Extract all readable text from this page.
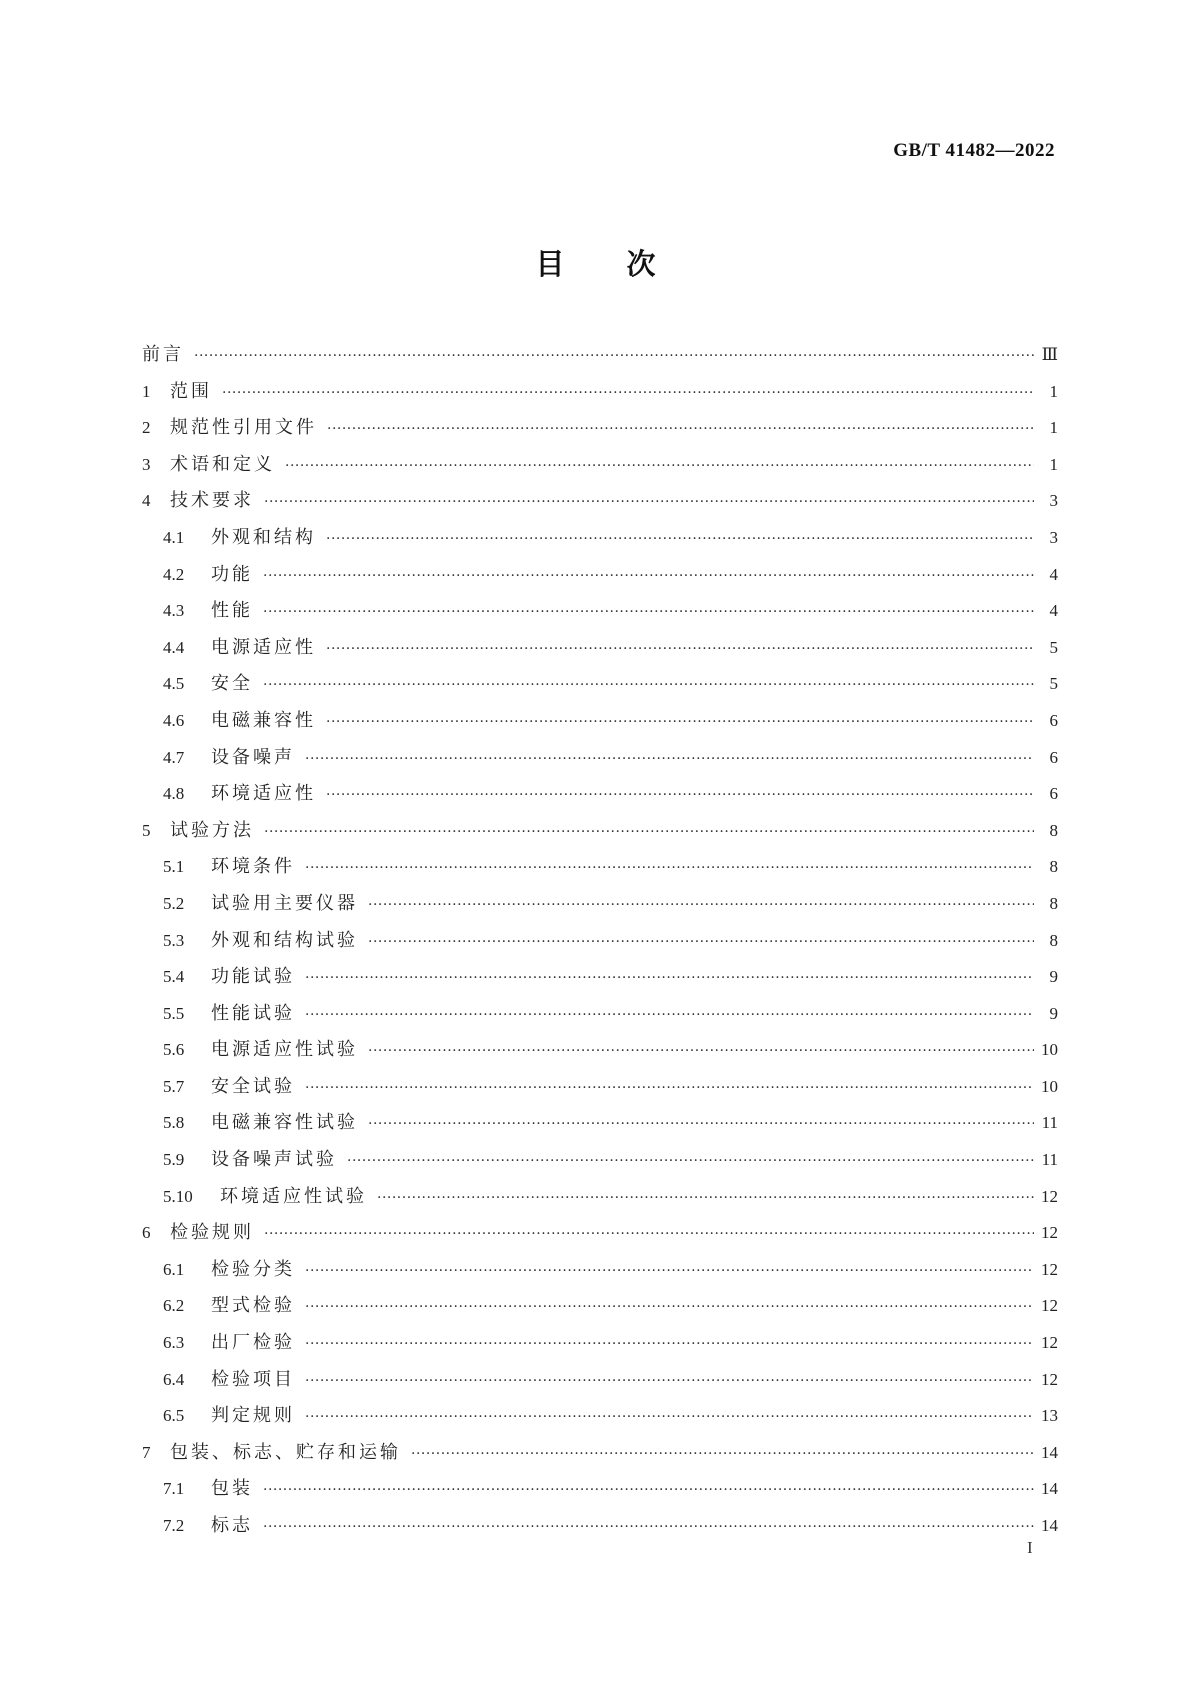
GB/T 41482—2022
目次
前言 ·····	Ⅲ
1	范围 ·····	1
2	规范性引用文件 ·····	1
3	术语和定义 ·····	1
4	技术要求 ·····	3
4.1	外观和结构 ·····	3
4.2	功能 ·····	4
4.3	性能 ·····	4
4.4	电源适应性 ·····	5
4.5	安全 ·····	5
4.6	电磁兼容性 ·····	6
4.7	设备噪声 ·····	6
4.8	环境适应性 ·····	6
5	试验方法 ·····	8
5.1	环境条件 ·····	8
5.2	试验用主要仪器 ·····	8
5.3	外观和结构试验 ·····	8
5.4	功能试验 ·····	9
5.5	性能试验 ·····	9
5.6	电源适应性试验 ·····	10
5.7	安全试验 ·····	10
5.8	电磁兼容性试验 ·····	11
5.9	设备噪声试验 ·····	11
5.10	环境适应性试验 ·····	12
6	检验规则 ·····	12
6.1	检验分类 ·····	12
6.2	型式检验 ·····	12
6.3	出厂检验 ·····	12
6.4	检验项目 ·····	12
6.5	判定规则 ·····	13
7	包装、标志、贮存和运输 ·····	14
7.1	包装 ·····	14
7.2	标志 ·····	14
I
